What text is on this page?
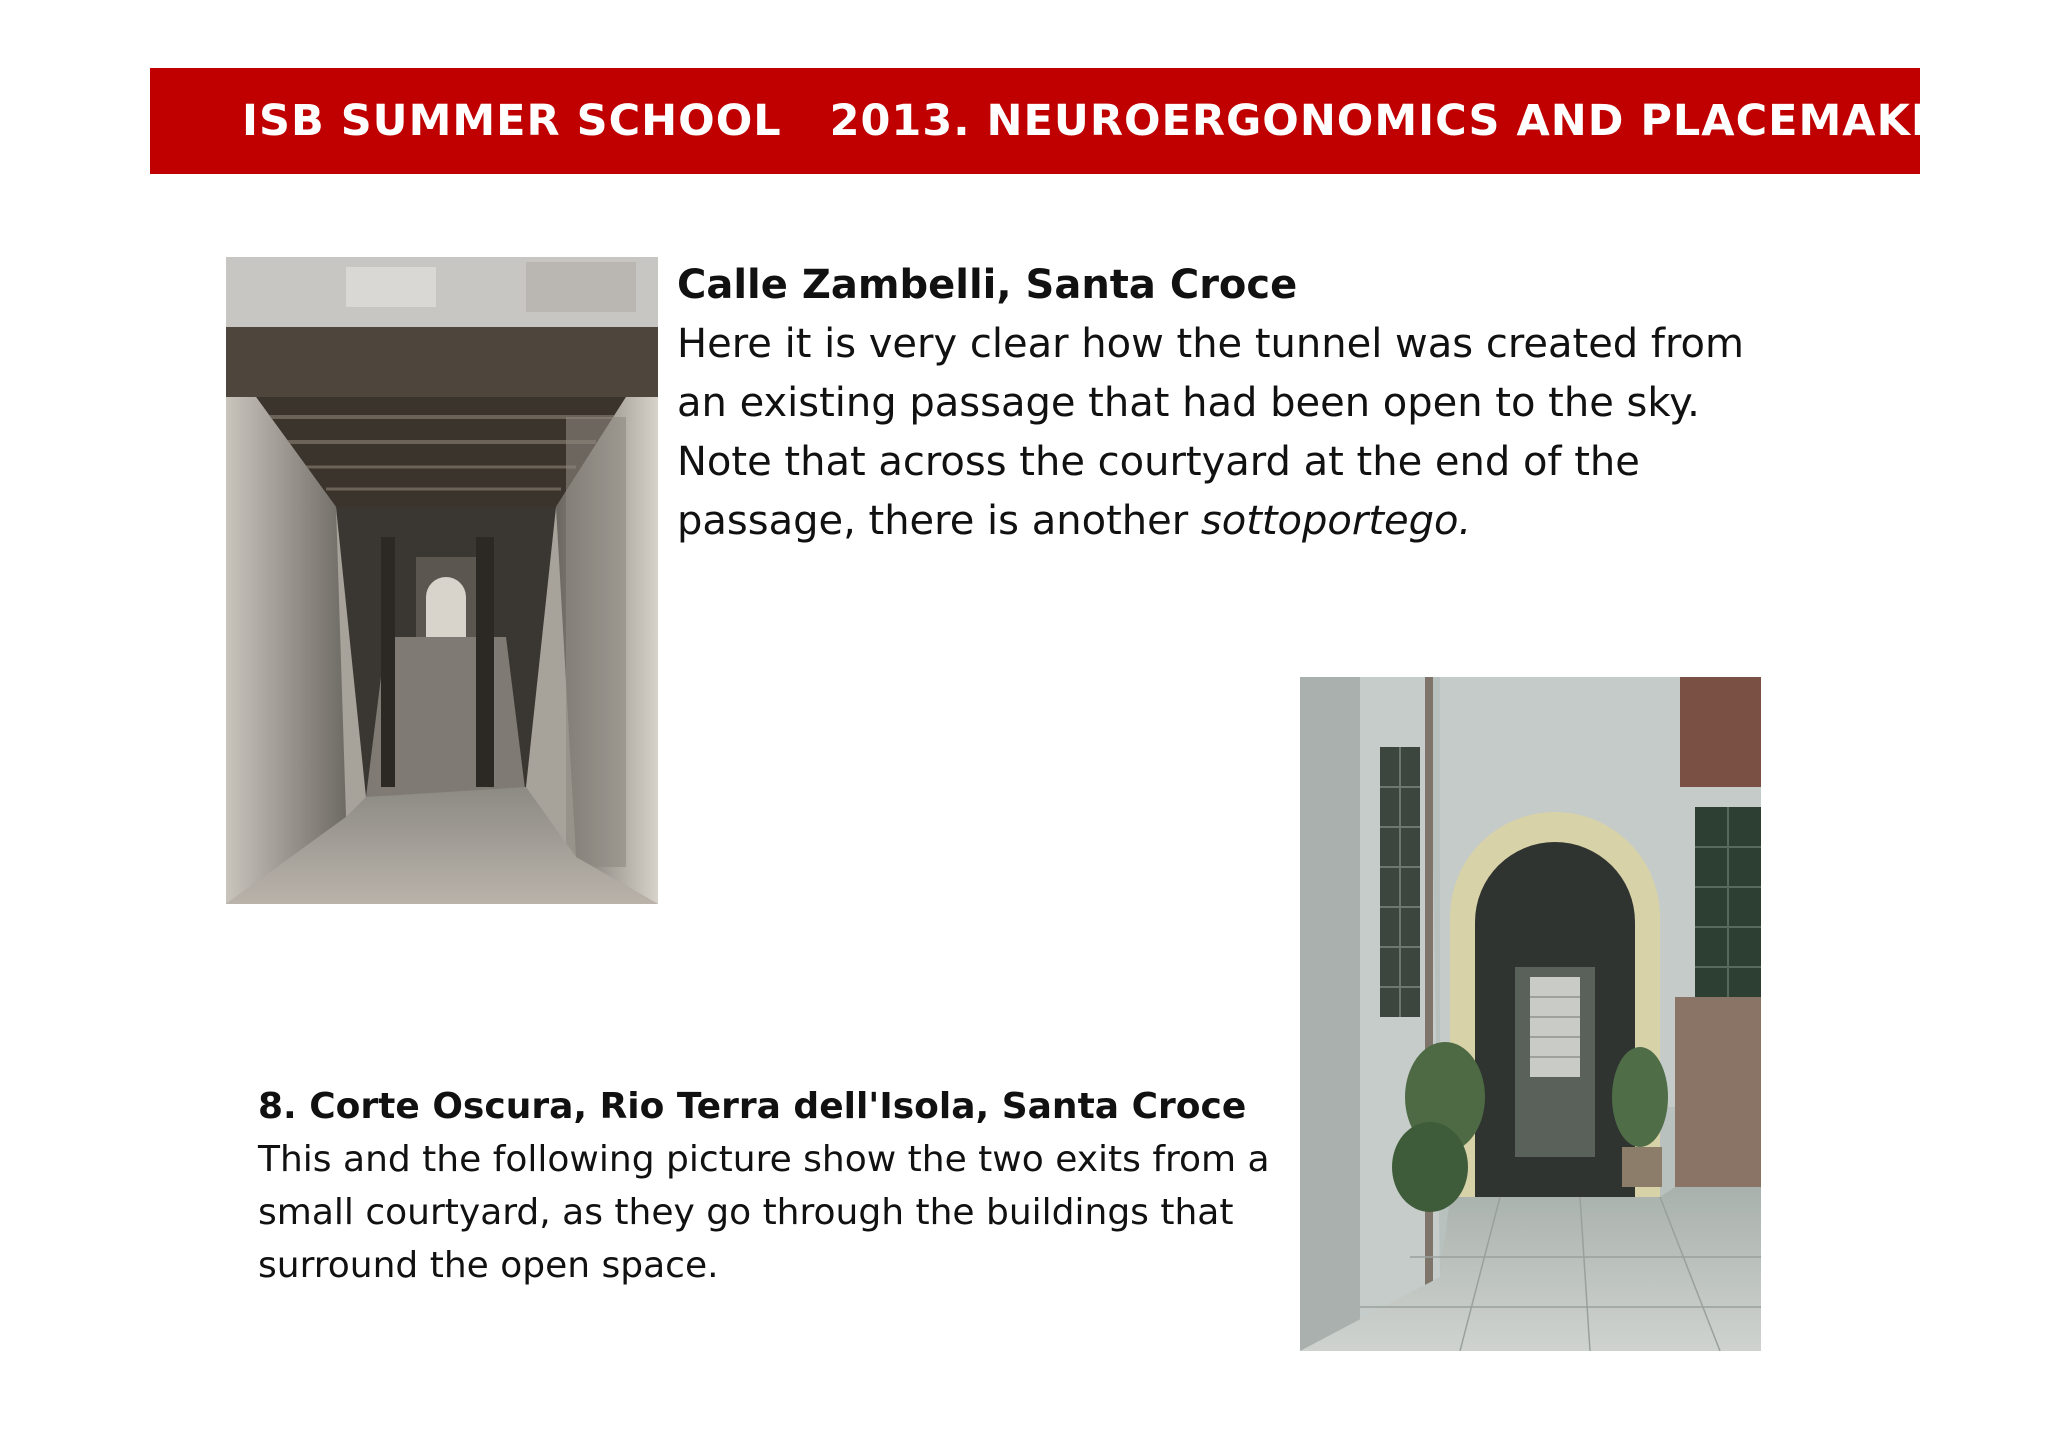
ISB SUMMER SCHOOL   2013. NEUROERGONOMICS AND PLACEMAKING
Calle Zambelli, Santa Croce
Here it is very clear how the tunnel was created from
an existing passage that had been open to the sky.
Note that across the courtyard at the end of the
passage, there is another sottoportego.
8. Corte Oscura, Rio Terra dell'Isola, Santa Croce
This and the following picture show the two exits from a
small courtyard, as they go through the buildings that
surround the open space.
